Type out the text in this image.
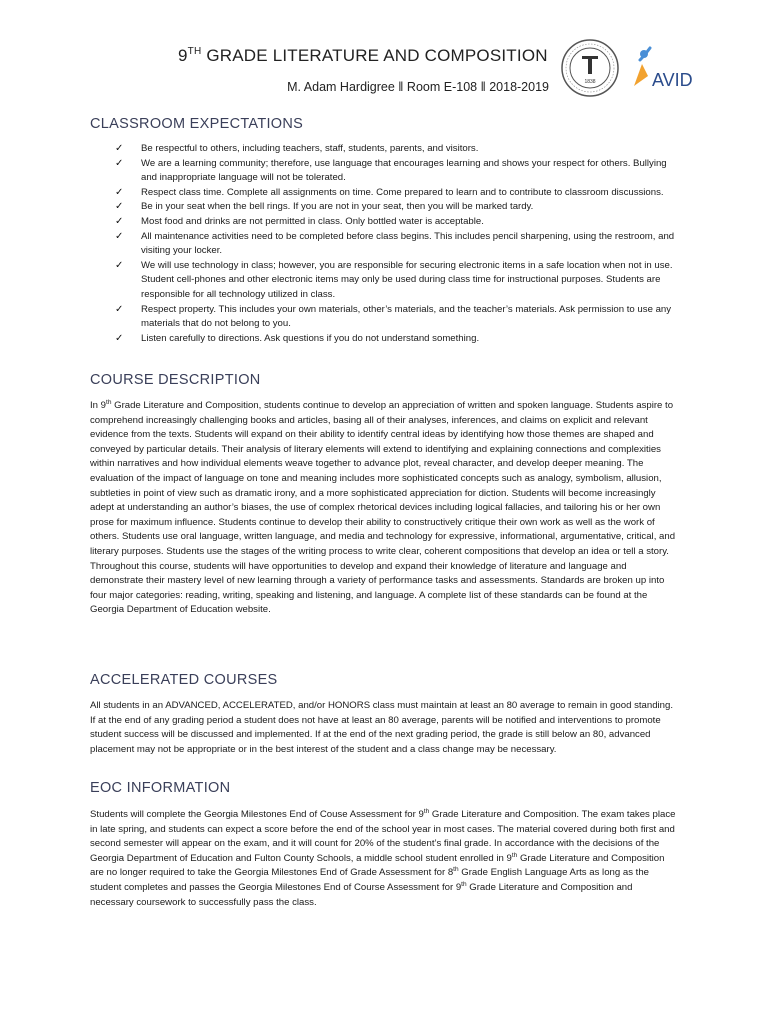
9TH GRADE LITERATURE AND COMPOSITION
M. Adam Hardigree ‖ Room E-108 ‖ 2018-2019	1838	AVID
CLASSROOM EXPECTATIONS
✓ Be respectful to others, including teachers, staff, students, parents, and visitors.
✓ We are a learning community; therefore, use language that encourages learning and shows your respect for others. Bullying and inappropriate language will not be tolerated.
✓ Respect class time. Complete all assignments on time. Come prepared to learn and to contribute to classroom discussions.
✓ Be in your seat when the bell rings. If you are not in your seat, then you will be marked tardy.
✓ Most food and drinks are not permitted in class. Only bottled water is acceptable.
✓ All maintenance activities need to be completed before class begins. This includes pencil sharpening, using the restroom, and visiting your locker.
✓ We will use technology in class; however, you are responsible for securing electronic items in a safe location when not in use. Student cell-phones and other electronic items may only be used during class time for instructional purposes. Students are responsible for all technology utilized in class.
✓ Respect property. This includes your own materials, other’s materials, and the teacher’s materials. Ask permission to use any materials that do not belong to you.
✓ Listen carefully to directions. Ask questions if you do not understand something.
COURSE DESCRIPTION

In 9th Grade Literature and Composition, students continue to develop an appreciation of written and spoken language. Students aspire to comprehend increasingly challenging books and articles, basing all of their analyses, inferences, and claims on explicit and relevant evidence from the texts. Students will expand on their ability to identify central ideas by identifying how those themes are shaped and conveyed by particular details. Their analysis of literary elements will extend to identifying and explaining connections and complexities within narratives and how individual elements weave together to advance plot, reveal character, and develop deeper meaning. The evaluation of the impact of language on tone and meaning includes more sophisticated concepts such as analogy, symbolism, allusion, subtleties in point of view such as dramatic irony, and a more sophisticated appreciation for diction. Students will become increasingly adept at understanding an author’s biases, the use of complex rhetorical devices including logical fallacies, and tailoring his or her own prose for maximum influence. Students continue to develop their ability to constructively critique their own work as well as the work of others. Students use oral language, written language, and media and technology for expressive, informational, argumentative, critical, and literary purposes. Students use the stages of the writing process to write clear, coherent compositions that develop an idea or tell a story. Throughout this course, students will have opportunities to develop and expand their knowledge of literature and language and demonstrate their mastery level of new learning through a variety of performance tasks and assessments. Standards are broken up into four major categories: reading, writing, speaking and listening, and language. A complete list of these standards can be found at the Georgia Department of Education website.

ACCELERATED COURSES

All students in an ADVANCED, ACCELERATED, and/or HONORS class must maintain at least an 80 average to remain in good standing. If at the end of any grading period a student does not have at least an 80 average, parents will be notified and interventions to promote student success will be discussed and implemented. If at the end of the next grading period, the grade is still below an 80, advanced placement may not be appropriate or in the best interest of the student and a class change may be necessary.

EOC INFORMATION

Students will complete the Georgia Milestones End of Couse Assessment for 9th Grade Literature and Composition. The exam takes place in late spring, and students can expect a score before the end of the school year in most cases. The material covered during both first and second semester will appear on the exam, and it will count for 20% of the student’s final grade. In accordance with the decisions of the Georgia Department of Education and Fulton County Schools, a middle school student enrolled in 9th Grade Literature and Composition are no longer required to take the Georgia Milestones End of Grade Assessment for 8th Grade English Language Arts as long as the student completes and passes the Georgia Milestones End of Course Assessment for 9th Grade Literature and Composition and necessary coursework to successfully pass the class.
